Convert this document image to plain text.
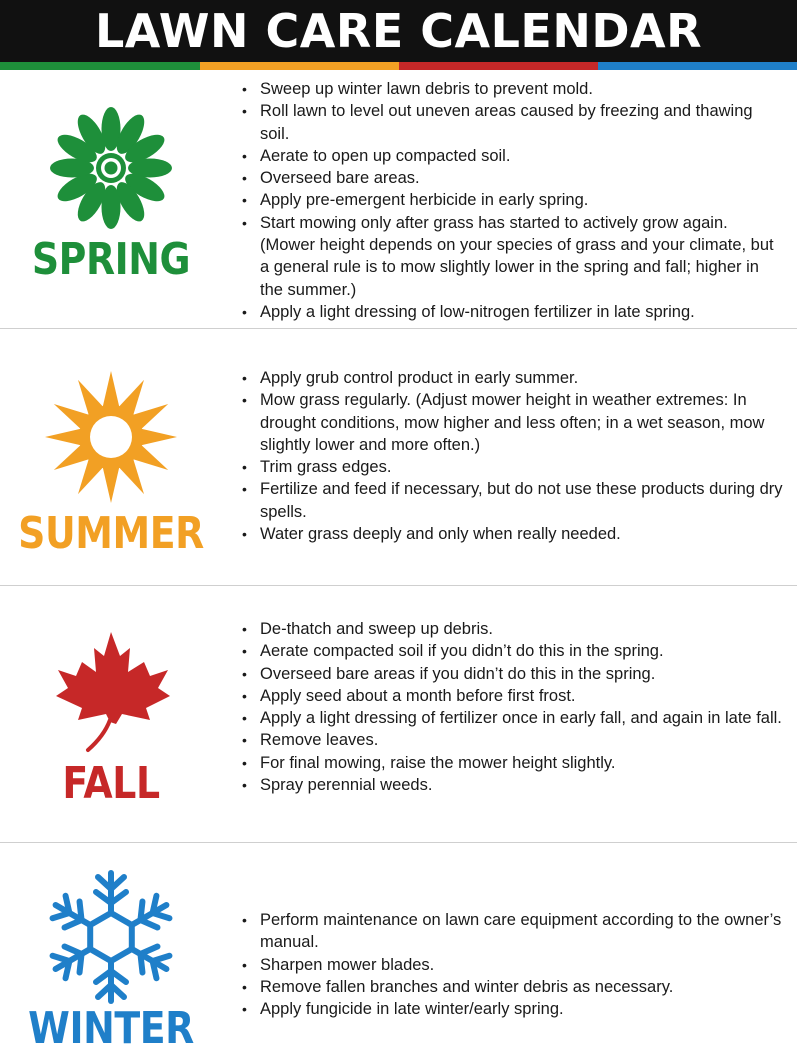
LAWN CARE CALENDAR
SPRING
• Sweep up winter lawn debris to prevent mold.
• Roll lawn to level out uneven areas caused by freezing and thawing soil.
• Aerate to open up compacted soil.
• Overseed bare areas.
• Apply pre-emergent herbicide in early spring.
• Start mowing only after grass has started to actively grow again. (Mower height depends on your species of grass and your climate, but a general rule is to mow slightly lower in the spring and fall; higher in the summer.)
• Apply a light dressing of low-nitrogen fertilizer in late spring.
SUMMER
• Apply grub control product in early summer.
• Mow grass regularly. (Adjust mower height in weather extremes: In drought conditions, mow higher and less often; in a wet season, mow slightly lower and more often.)
• Trim grass edges.
• Fertilize and feed if necessary, but do not use these products during dry spells.
• Water grass deeply and only when really needed.
FALL
• De-thatch and sweep up debris.
• Aerate compacted soil if you didn’t do this in the spring.
• Overseed bare areas if you didn’t do this in the spring.
• Apply seed about a month before first frost.
• Apply a light dressing of fertilizer once in early fall, and again in late fall.
• Remove leaves.
• For final mowing, raise the mower height slightly.
• Spray perennial weeds.
WINTER
• Perform maintenance on lawn care equipment according to the owner’s manual.
• Sharpen mower blades.
• Remove fallen branches and winter debris as necessary.
• Apply fungicide in late winter/early spring.
